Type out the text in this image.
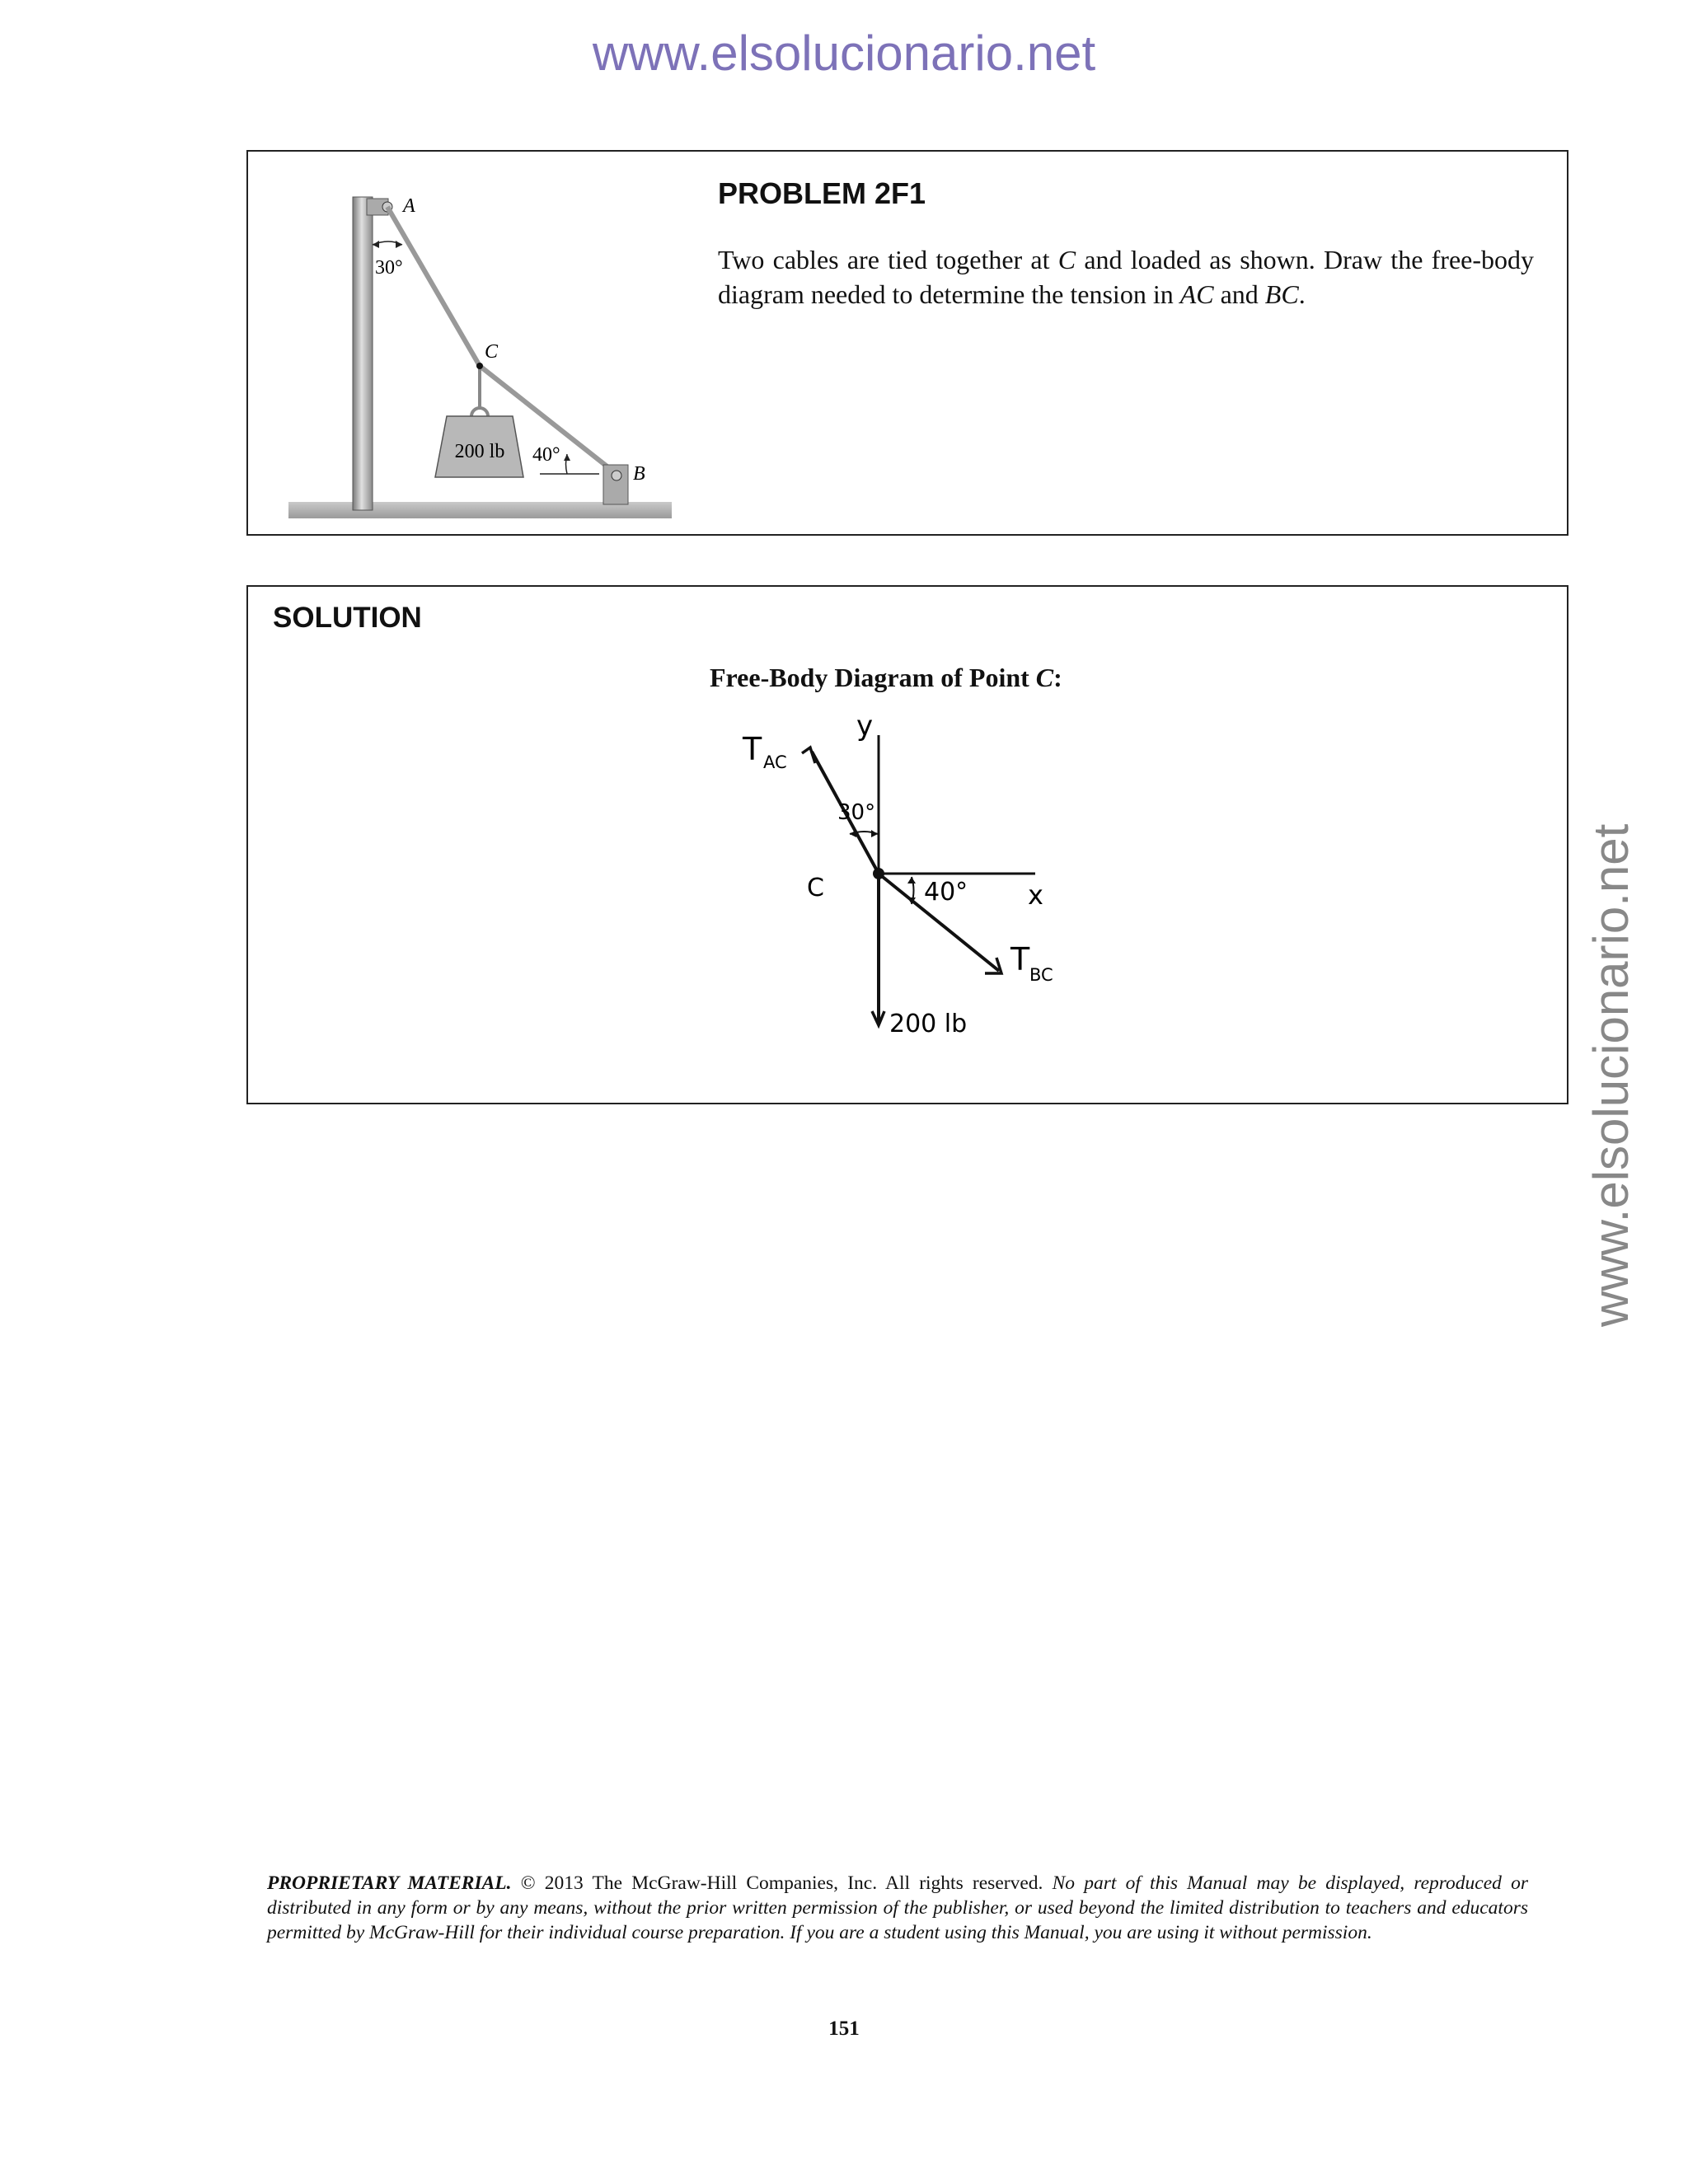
www.elsolucionario.net
www.elsolucionario.net
200 lb
30°
A
C
B
40°
PROBLEM 2F1
Two cables are tied together at C and loaded as shown. Draw the free-body diagram needed to determine the tension in AC and BC.
SOLUTION
Free-Body Diagram of Point C:
T AC
y
30°
C	40° x
T BC
200 lb
PROPRIETARY MATERIAL. © 2013 The McGraw-Hill Companies, Inc. All rights reserved. No part of this Manual may be displayed, reproduced or distributed in any form or by any means, without the prior written permission of the publisher, or used beyond the limited distribution to teachers and educators permitted by McGraw-Hill for their individual course preparation. If you are a student using this Manual, you are using it without permission.
151
